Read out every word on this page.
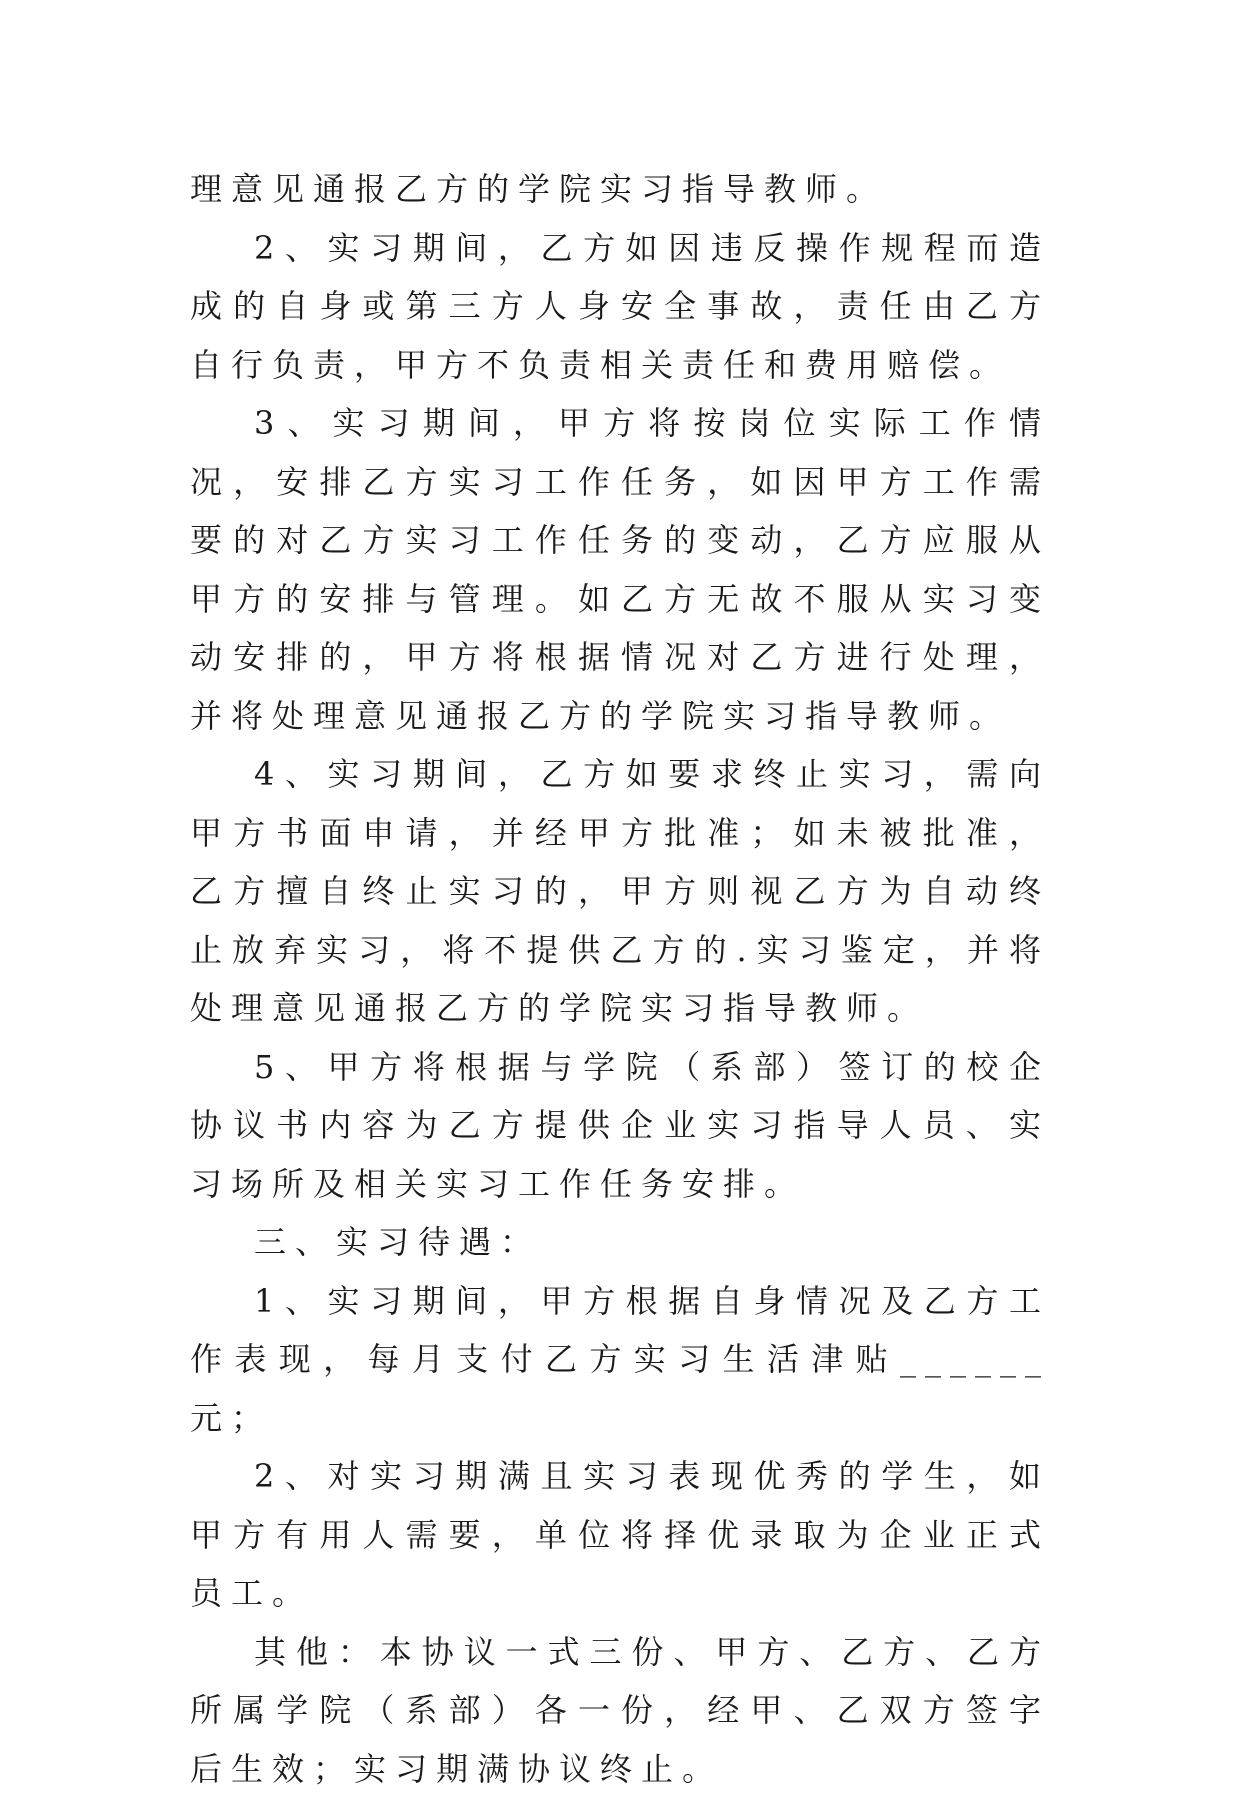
理意见通报乙方的学院实习指导教师。

2、实习期间，乙方如因违反操作规程而造成的自身或第三方人身安全事故，责任由乙方自行负责，甲方不负责相关责任和费用赔偿。

3、实习期间，甲方将按岗位实际工作情况，安排乙方实习工作任务，如因甲方工作需要的对乙方实习工作任务的变动，乙方应服从甲方的安排与管理。如乙方无故不服从实习变动安排的，甲方将根据情况对乙方进行处理，并将处理意见通报乙方的学院实习指导教师。

4、实习期间，乙方如要求终止实习，需向甲方书面申请，并经甲方批准；如未被批准，乙方擅自终止实习的，甲方则视乙方为自动终止放弃实习，将不提供乙方的.实习鉴定，并将处理意见通报乙方的学院实习指导教师。

5、甲方将根据与学院（系部）签订的校企协议书内容为乙方提供企业实习指导人员、实习场所及相关实习工作任务安排。

三、实习待遇：

1、实习期间，甲方根据自身情况及乙方工作表现，每月支付乙方实习生活津贴______元；

2、对实习期满且实习表现优秀的学生，如甲方有用人需要，单位将择优录取为企业正式员工。

其他：本协议一式三份、甲方、乙方、乙方所属学院（系部）各一份，经甲、乙双方签字后生效；实习期满协议终止。
